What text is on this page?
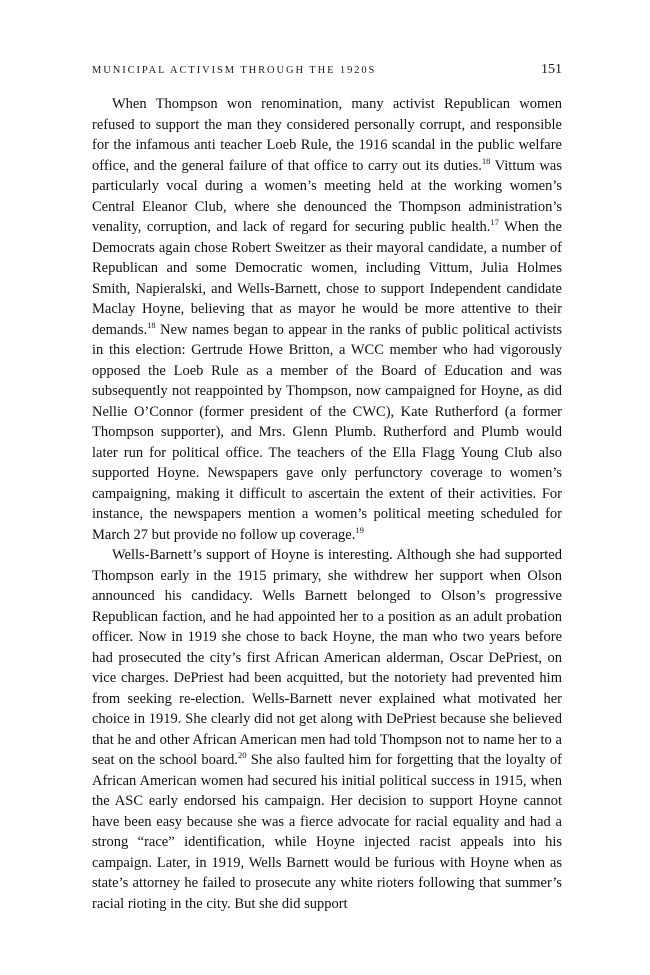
MUNICIPAL ACTIVISM THROUGH THE 1920S	151

When Thompson won renomination, many activist Republican women refused to support the man they considered personally corrupt, and responsible for the infamous anti teacher Loeb Rule, the 1916 scandal in the public welfare office, and the general failure of that office to carry out its duties.$^{18}$ Vittum was particularly vocal during a women’s meeting held at the working women’s Central Eleanor Club, where she denounced the Thompson administration’s venality, corruption, and lack of regard for securing public health.$^{17}$ When the Democrats again chose Robert Sweitzer as their mayoral candidate, a number of Republican and some Democratic women, including Vittum, Julia Holmes Smith, Napieralski, and Wells-Barnett, chose to support Independent candidate Maclay Hoyne, believing that as mayor he would be more attentive to their demands.$^{18}$ New names began to appear in the ranks of public political activists in this election: Gertrude Howe Britton, a WCC member who had vigorously opposed the Loeb Rule as a member of the Board of Education and was subsequently not reappointed by Thompson, now campaigned for Hoyne, as did Nellie O’Connor (former president of the CWC), Kate Rutherford (a former Thompson supporter), and Mrs. Glenn Plumb. Rutherford and Plumb would later run for political office. The teachers of the Ella Flagg Young Club also supported Hoyne. Newspapers gave only perfunctory coverage to women’s campaigning, making it difficult to ascertain the extent of their activities. For instance, the newspapers mention a women’s political meeting scheduled for March 27 but provide no follow up coverage.$^{19}$

Wells-Barnett’s support of Hoyne is interesting. Although she had supported Thompson early in the 1915 primary, she withdrew her support when Olson announced his candidacy. Wells Barnett belonged to Olson’s progressive Republican faction, and he had appointed her to a position as an adult probation officer. Now in 1919 she chose to back Hoyne, the man who two years before had prosecuted the city’s first African American alderman, Oscar DePriest, on vice charges. DePriest had been acquitted, but the notoriety had prevented him from seeking re-election. Wells-Barnett never explained what motivated her choice in 1919. She clearly did not get along with DePriest because she believed that he and other African American men had told Thompson not to name her to a seat on the school board.$^{20}$ She also faulted him for forgetting that the loyalty of African American women had secured his initial political success in 1915, when the ASC early endorsed his campaign. Her decision to support Hoyne cannot have been easy because she was a fierce advocate for racial equality and had a strong “race” identification, while Hoyne injected racist appeals into his campaign. Later, in 1919, Wells Barnett would be furious with Hoyne when as state’s attorney he failed to prosecute any white rioters following that summer’s racial rioting in the city. But she did support
